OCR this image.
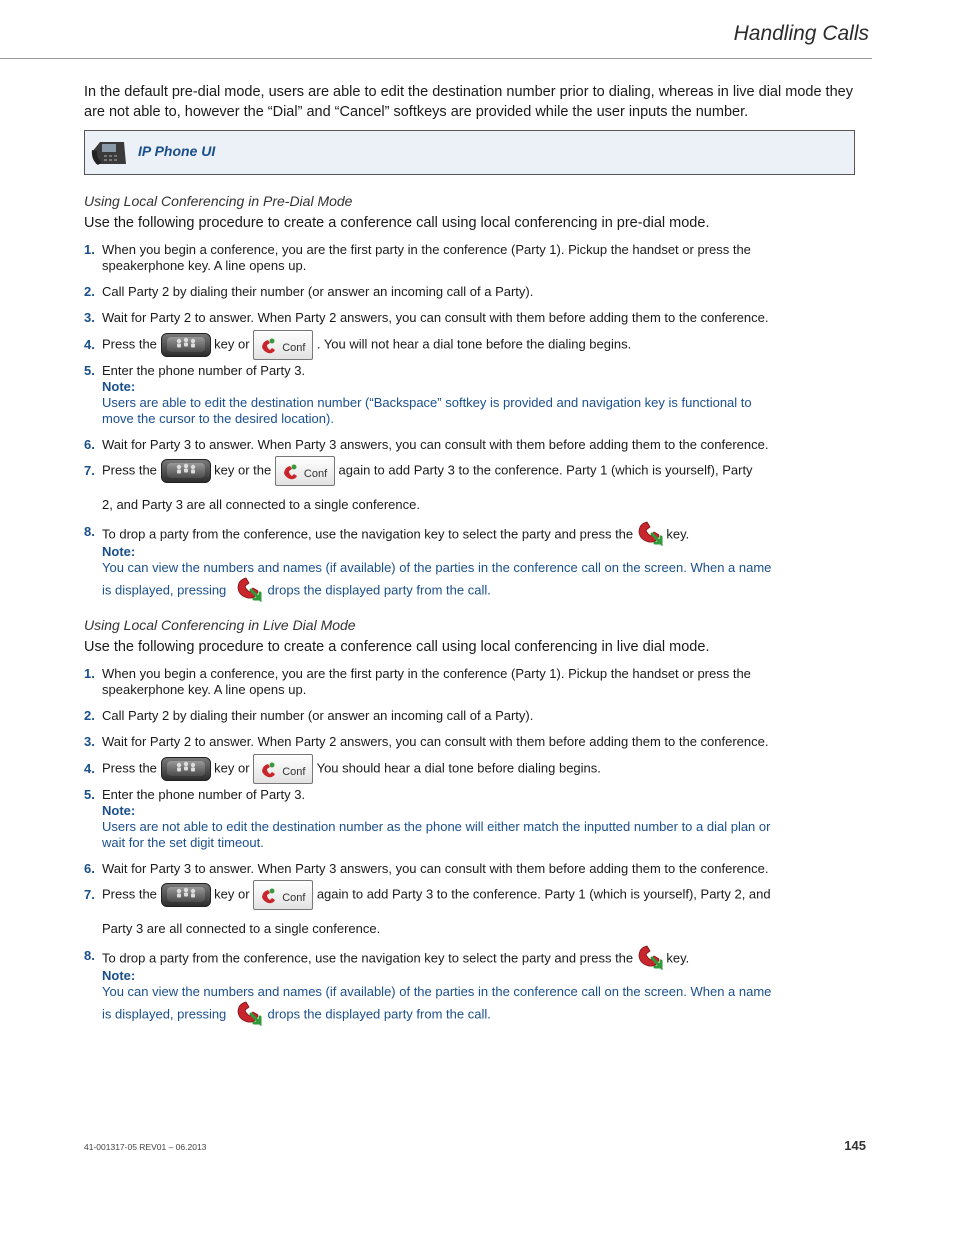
Handling Calls
In the default pre-dial mode, users are able to edit the destination number prior to dialing, whereas in live dial mode they are not able to, however the “Dial” and “Cancel” softkeys are provided while the user inputs the number.
IP Phone UI
Using Local Conferencing in Pre-Dial Mode
Use the following procedure to create a conference call using local conferencing in pre-dial mode.
1. When you begin a conference, you are the first party in the conference (Party 1). Pickup the handset or press the speakerphone key. A line opens up.
2. Call Party 2 by dialing their number (or answer an incoming call of a Party).
3. Wait for Party 2 to answer. When Party 2 answers, you can consult with them before adding them to the conference.
4. Press the	key or	Conf . You will not hear a dial tone before the dialing begins.
5. Enter the phone number of Party 3.
Note:
Users are able to edit the destination number (“Backspace” softkey is provided and navigation key is functional to move the cursor to the desired location).
6. Wait for Party 3 to answer. When Party 3 answers, you can consult with them before adding them to the conference.
7. Press the	key or the	Conf again to add Party 3 to the conference. Party 1 (which is yourself), Party
2, and Party 3 are all connected to a single conference.
8. To drop a party from the conference, use the navigation key to select the party and press the	key.
Note:
You can view the numbers and names (if available) of the parties in the conference call on the screen. When a name
is displayed, pressing	drops the displayed party from the call.
Using Local Conferencing in Live Dial Mode
Use the following procedure to create a conference call using local conferencing in live dial mode.
1. When you begin a conference, you are the first party in the conference (Party 1). Pickup the handset or press the speakerphone key. A line opens up.
2. Call Party 2 by dialing their number (or answer an incoming call of a Party).
3. Wait for Party 2 to answer. When Party 2 answers, you can consult with them before adding them to the conference.
4. Press the	key or	Conf You should hear a dial tone before dialing begins.
5. Enter the phone number of Party 3.
Note:
Users are not able to edit the destination number as the phone will either match the inputted number to a dial plan or wait for the set digit timeout.
6. Wait for Party 3 to answer. When Party 3 answers, you can consult with them before adding them to the conference.
7. Press the	key or	Conf again to add Party 3 to the conference. Party 1 (which is yourself), Party 2, and
Party 3 are all connected to a single conference.
8. To drop a party from the conference, use the navigation key to select the party and press the	key.
Note:
You can view the numbers and names (if available) of the parties in the conference call on the screen. When a name
is displayed, pressing	drops the displayed party from the call.
41-001317-05 REV01 – 06.2013	145
